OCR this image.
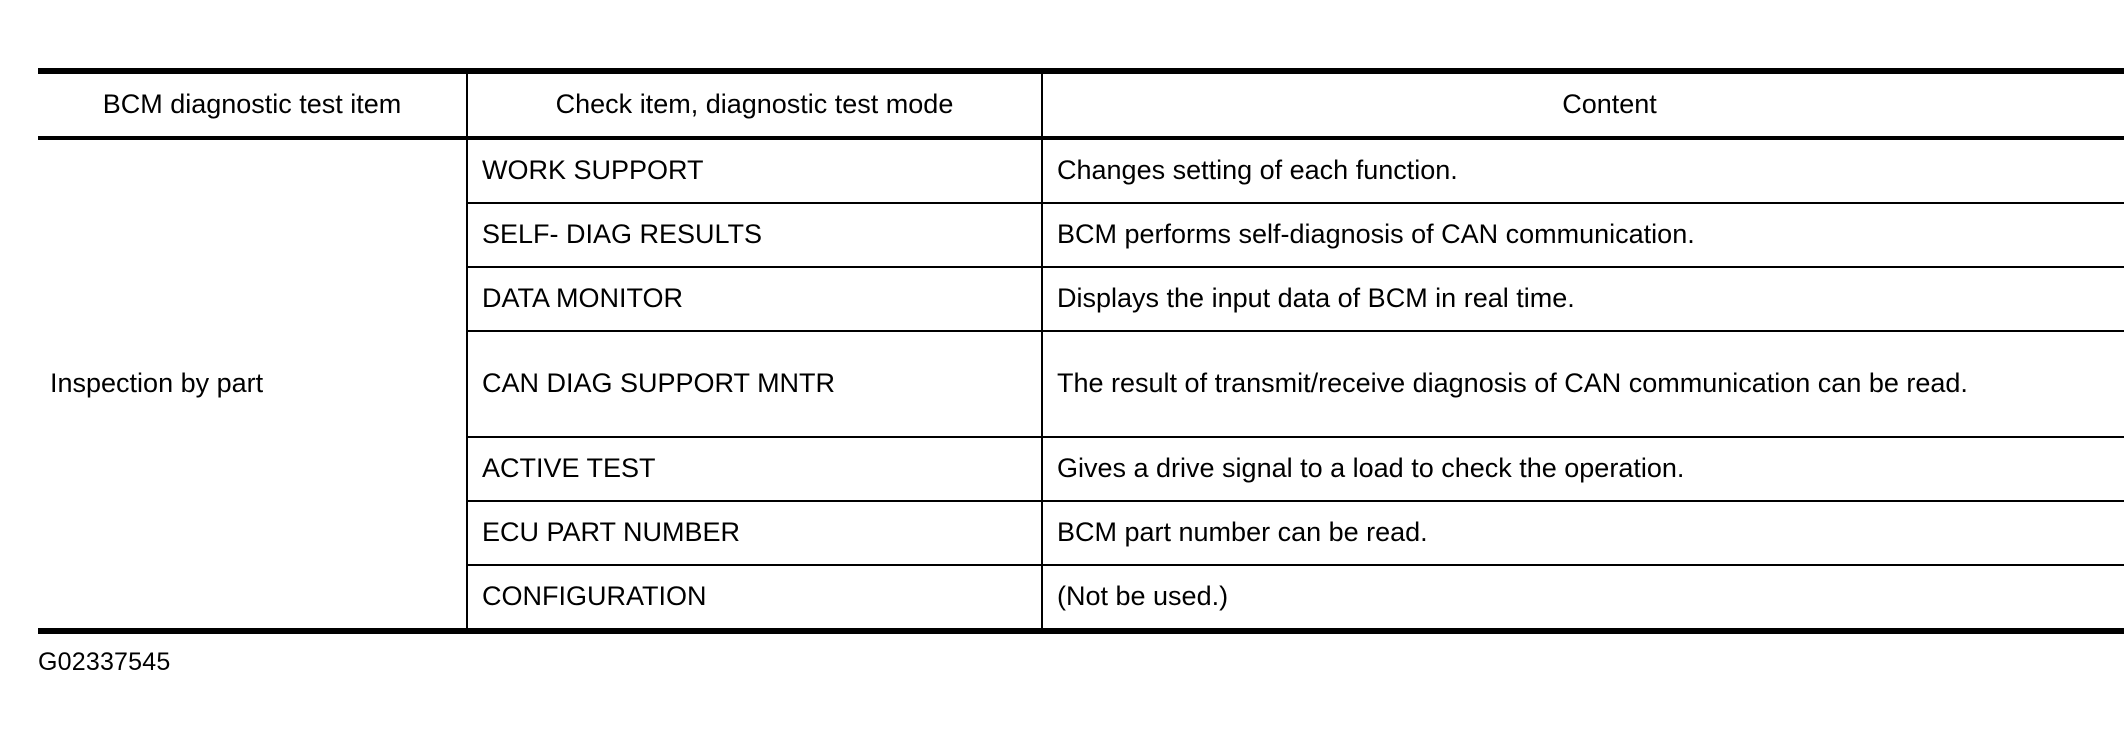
BCM diagnostic test item	Check item, diagnostic test mode	Content
Inspection by part	WORK SUPPORT	Changes setting of each function.
	SELF- DIAG RESULTS	BCM performs self-diagnosis of CAN communication.
	DATA MONITOR	Displays the input data of BCM in real time.
	CAN DIAG SUPPORT MNTR	The result of transmit/receive diagnosis of CAN communication can be read.
	ACTIVE TEST	Gives a drive signal to a load to check the operation.
	ECU PART NUMBER	BCM part number can be read.
	CONFIGURATION	(Not be used.)
G02337545
